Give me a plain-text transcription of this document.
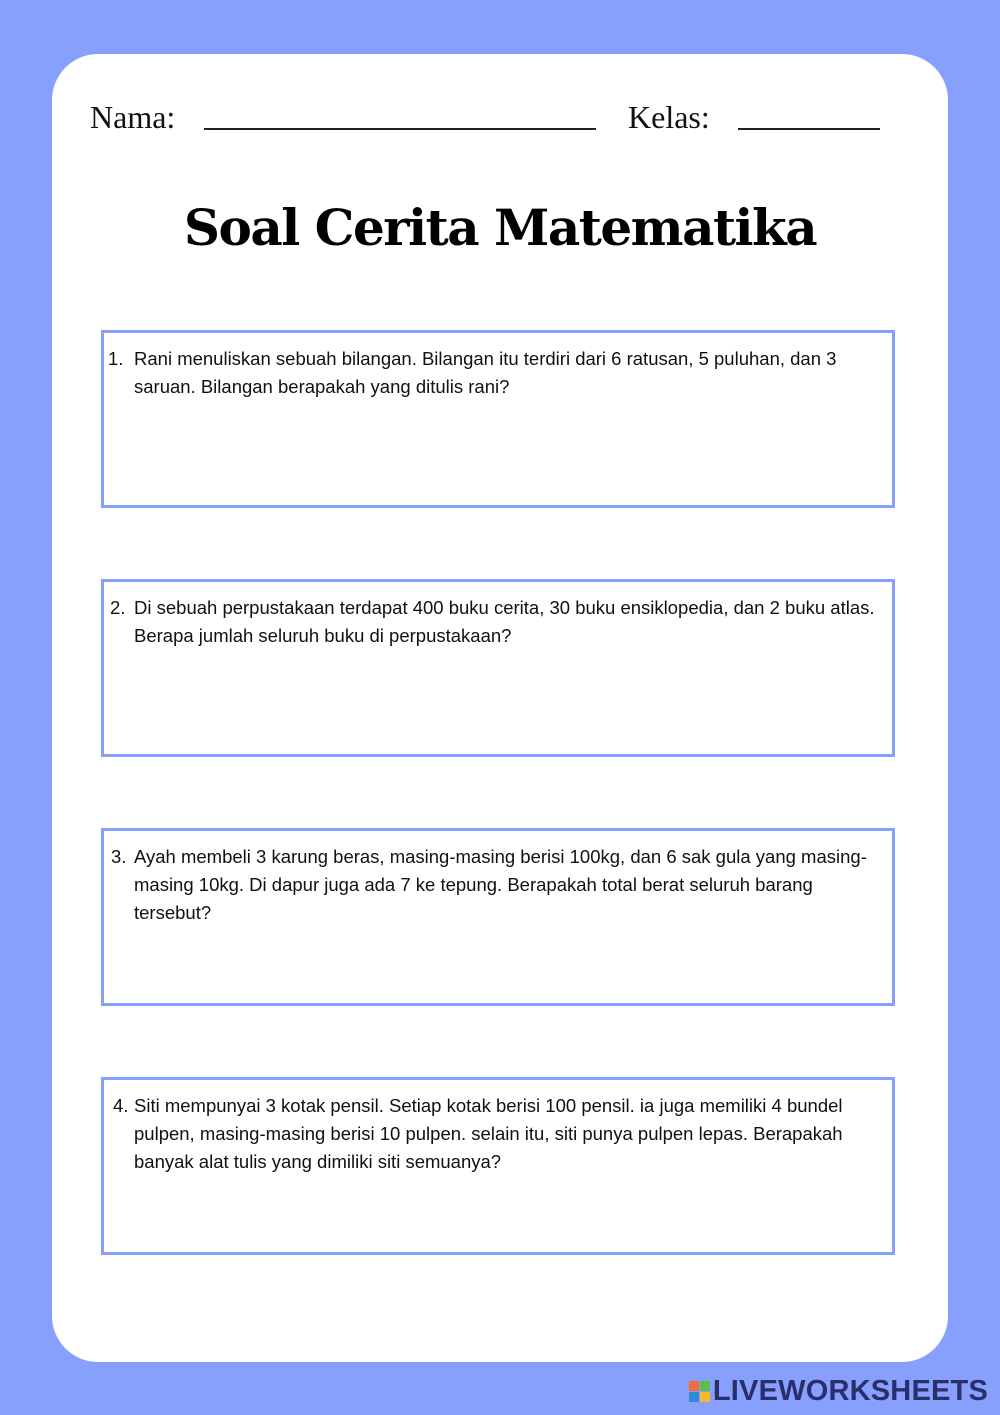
Nama:	Kelas:
Soal Cerita Matematika
1. Rani menuliskan sebuah bilangan. Bilangan itu terdiri dari 6 ratusan, 5 puluhan, dan 3 saruan. Bilangan berapakah yang ditulis rani?
2. Di sebuah perpustakaan terdapat 400 buku cerita, 30 buku ensiklopedia, dan 2 buku atlas. Berapa jumlah seluruh buku di perpustakaan?
3. Ayah membeli 3 karung beras, masing-masing berisi 100kg, dan 6 sak gula yang masing-masing 10kg. Di dapur juga ada 7 ke tepung. Berapakah total berat seluruh barang tersebut?
4. Siti mempunyai 3 kotak pensil. Setiap kotak berisi 100 pensil. ia juga memiliki 4 bundel pulpen, masing-masing berisi 10 pulpen. selain itu, siti punya pulpen lepas. Berapakah banyak alat tulis yang dimiliki siti semuanya?
LIVEWORKSHEETS
